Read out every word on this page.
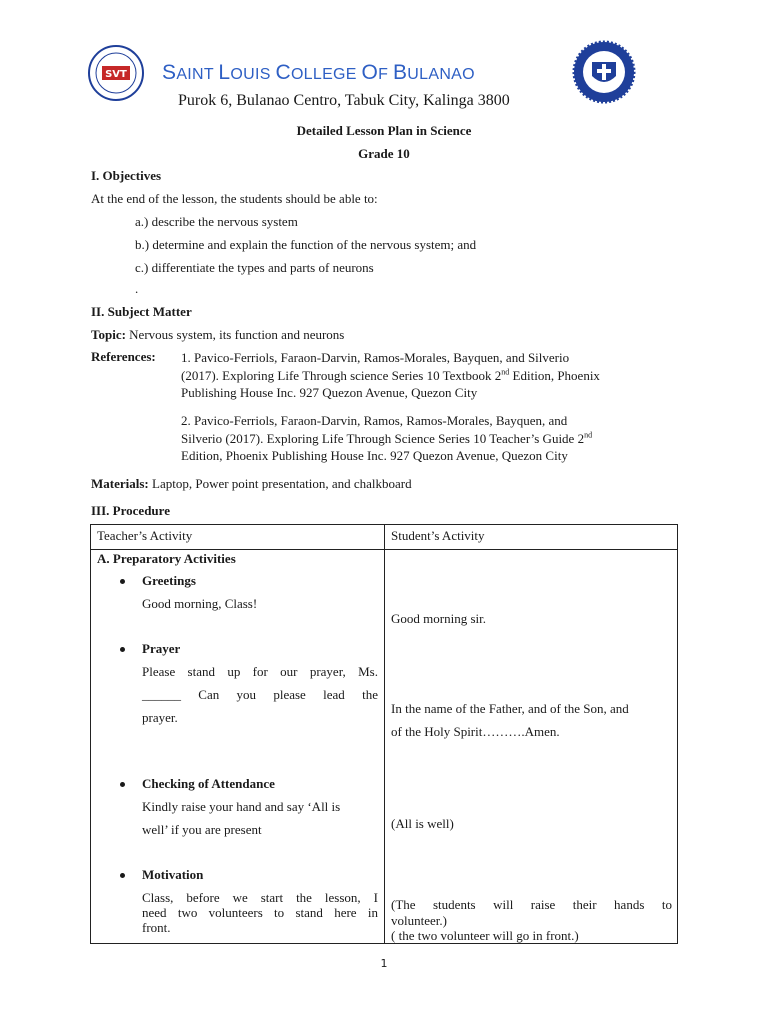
SVT SAINT LOUIS COLLEGE OF BULANAO
Purok 6, Bulanao Centro, Tabuk City, Kalinga 3800
Detailed Lesson Plan in Science
Grade 10
I. Objectives
At the end of the lesson, the students should be able to:
a.) describe the nervous system
b.) determine and explain the function of the nervous system; and
c.) differentiate the types and parts of neurons
.
II. Subject Matter
Topic: Nervous system, its function and neurons
References: 1. Pavico-Ferriols, Faraon-Darvin, Ramos-Morales, Bayquen, and Silverio
(2017). Exploring Life Through science Series 10 Textbook 2nd Edition, Phoenix
Publishing House Inc. 927 Quezon Avenue, Quezon City
2. Pavico-Ferriols, Faraon-Darvin, Ramos, Ramos-Morales, Bayquen, and
Silverio (2017). Exploring Life Through Science Series 10 Teacher’s Guide 2nd
Edition, Phoenix Publishing House Inc. 927 Quezon Avenue, Quezon City
Materials: Laptop, Power point presentation, and chalkboard
III. Procedure
Teacher’s Activity	Student’s Activity
A. Preparatory Activities
Greetings
Good morning, Class!
Good morning sir.
Prayer
Please stand up for our prayer, Ms.
______ Can you please lead the
prayer.
In the name of the Father, and of the Son, and
of the Holy Spirit……….Amen.
Checking of Attendance
Kindly raise your hand and say ‘All is
well’ if you are present	(All is well)
Motivation
Class, before we start the lesson, I
need two volunteers to stand here in
front.
(The students will raise their hands to
volunteer.)
( the two volunteer will go in front.)
1
